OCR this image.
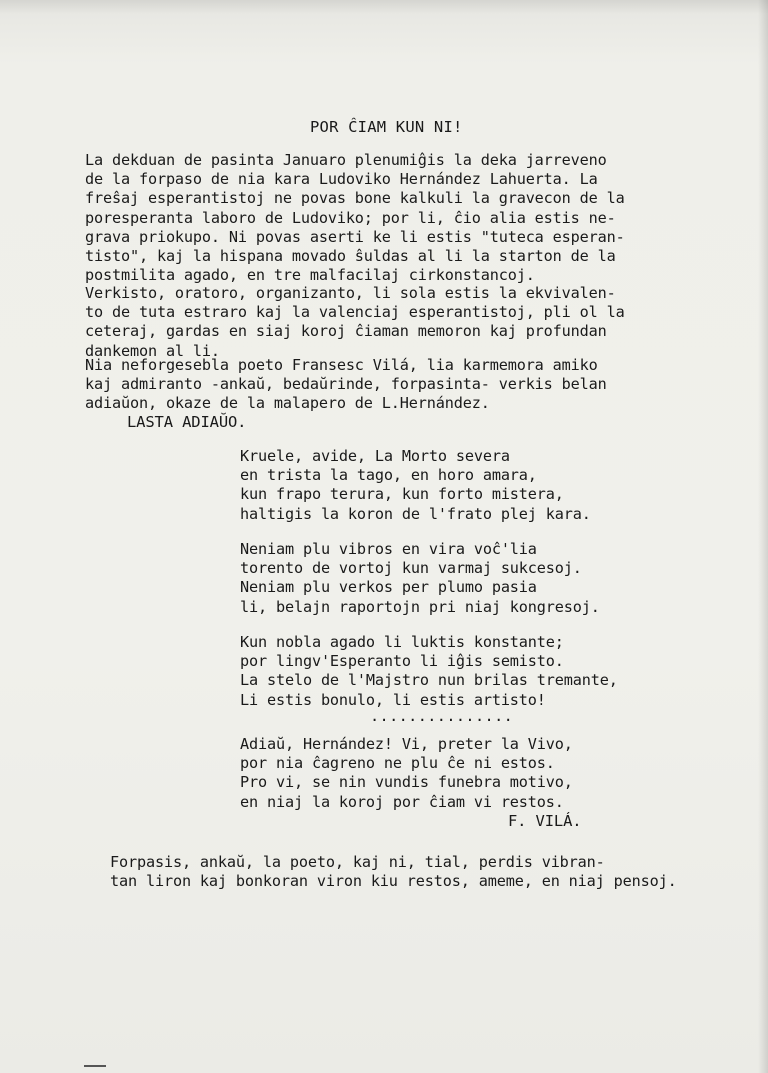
POR ĈIAM KUN NI!
La dekduan de pasinta Januaro plenumiĝis la deka jarreveno
de la forpaso de nia kara Ludoviko Hernández Lahuerta. La
freŝaj esperantistoj ne povas bone kalkuli la gravecon de la
poresperanta laboro de Ludoviko; por li, ĉio alia estis ne-
grava priokupo. Ni povas aserti ke li estis "tuteca esperan-
tisto", kaj la hispana movado ŝuldas al li la starton de la
postmilita agado, en tre malfacilaj cirkonstancoj.
Verkisto, oratoro, organizanto, li sola estis la ekvivalen-
to de tuta estraro kaj la valenciaj esperantistoj, pli ol la
ceteraj, gardas en siaj koroj ĉiaman memoron kaj profundan
dankemon al li.
Nia neforgesebla poeto Fransesc Vilá, lia karmemora amiko
kaj admiranto -ankaŭ, bedaŭrinde, forpasinta- verkis belan
adiaŭon, okaze de la malapero de L.Hernández.
LASTA ADIAŬO.
Kruele, avide, La Morto severa
en trista la tago, en horo amara,
kun frapo terura, kun forto mistera,
haltigis la koron de l'frato plej kara.
Neniam plu vibros en vira voĉ'lia
torento de vortoj kun varmaj sukcesoj.
Neniam plu verkos per plumo pasia
li, belajn raportojn pri niaj kongresoj.
Kun nobla agado li luktis konstante;
por lingv'Esperanto li iĝis semisto.
La stelo de l'Majstro nun brilas tremante,
Li estis bonulo, li estis artisto!
...............
Adiaŭ, Hernández! Vi, preter la Vivo,
por nia ĉagreno ne plu ĉe ni estos.
Pro vi, se nin vundis funebra motivo,
en niaj la koroj por ĉiam vi restos.
F. VILÁ.
Forpasis, ankaŭ, la poeto, kaj ni, tial, perdis vibran-
tan liron kaj bonkoran viron kiu restos, ameme, en niaj pensoj.
